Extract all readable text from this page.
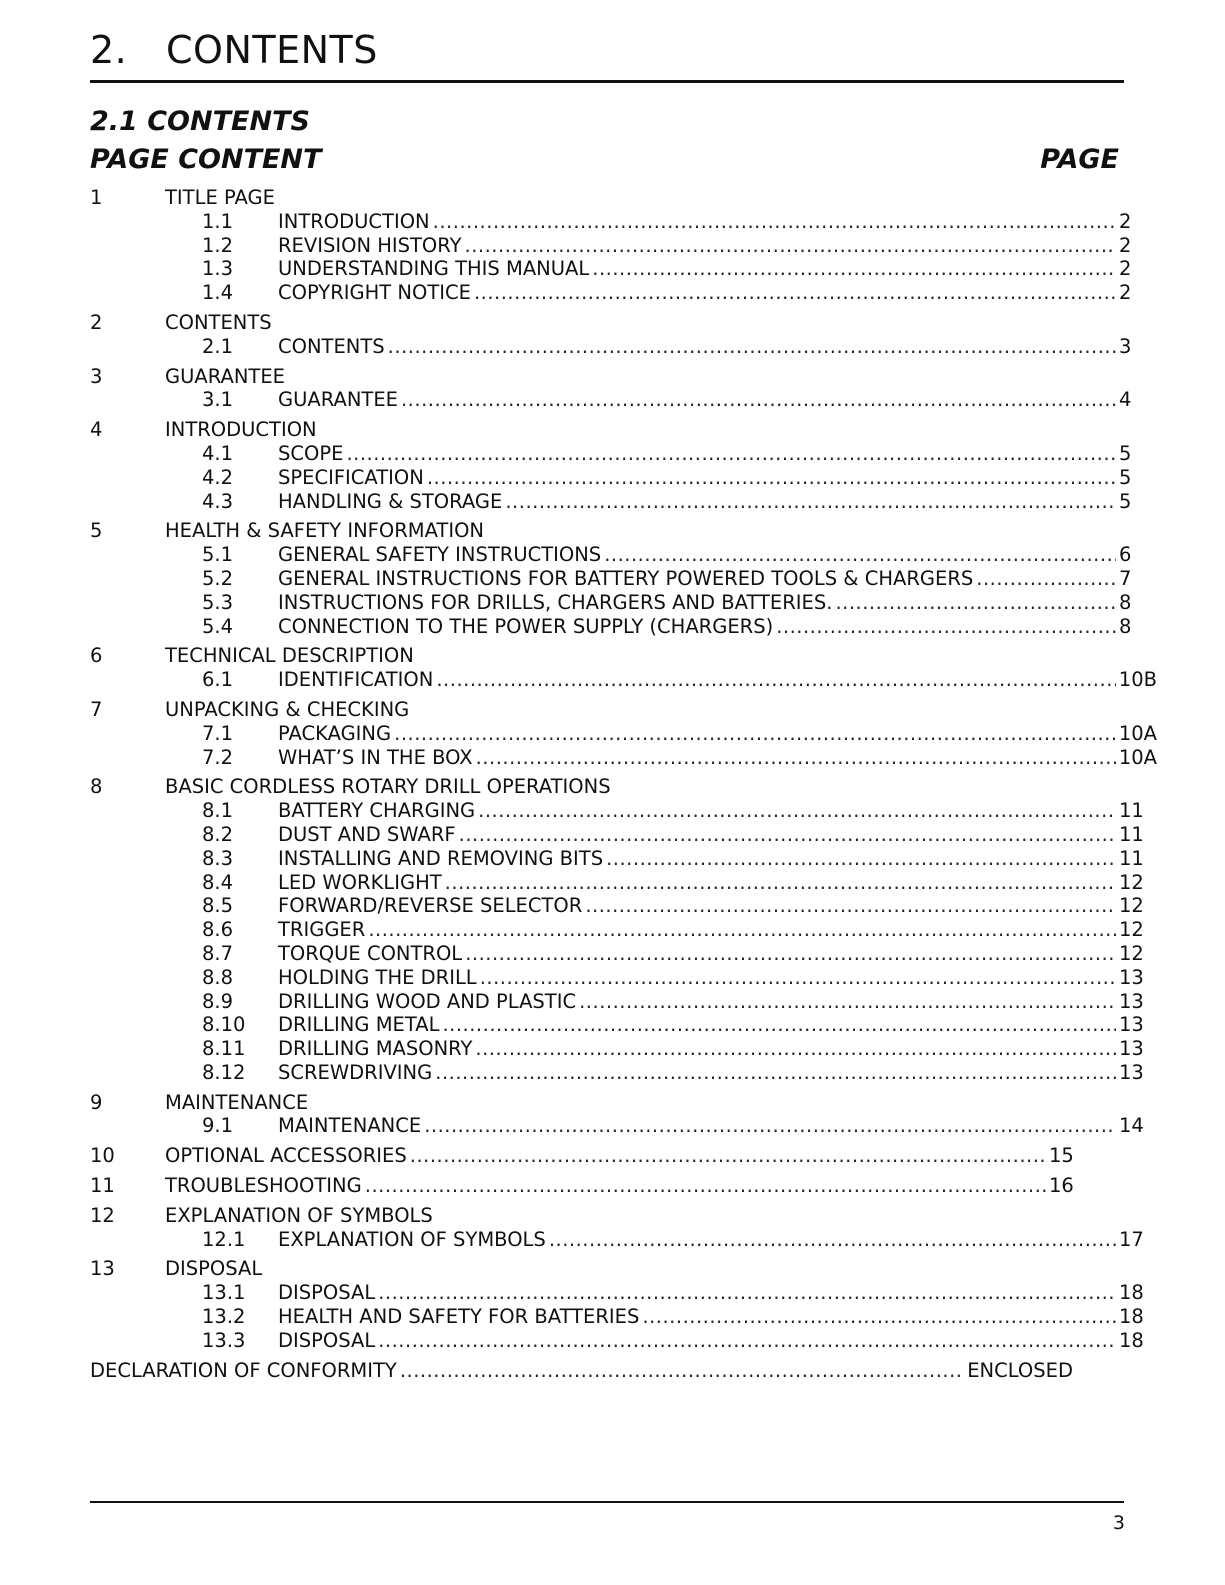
2. CONTENTS
2.1 CONTENTS
PAGE CONTENT	PAGE
1	TITLE PAGE
1.1	INTRODUCTION .....	2
1.2	REVISION HISTORY .....	2
1.3	UNDERSTANDING THIS MANUAL .....	2
1.4	COPYRIGHT NOTICE .....	2
2	CONTENTS
2.1	CONTENTS .....	3
3	GUARANTEE
3.1	GUARANTEE .....	4
4	INTRODUCTION
4.1	SCOPE .....	5
4.2	SPECIFICATION .....	5
4.3	HANDLING & STORAGE .....	5
5	HEALTH & SAFETY INFORMATION
5.1	GENERAL SAFETY INSTRUCTIONS .....	6
5.2	GENERAL INSTRUCTIONS FOR BATTERY POWERED TOOLS & CHARGERS .....	7
5.3	INSTRUCTIONS FOR DRILLS, CHARGERS AND BATTERIES. .....	8
5.4	CONNECTION TO THE POWER SUPPLY (CHARGERS) .....	8
6	TECHNICAL DESCRIPTION
6.1	IDENTIFICATION .....	10B
7	UNPACKING & CHECKING
7.1	PACKAGING .....	10A
7.2	WHAT’S IN THE BOX .....	10A
8	BASIC CORDLESS ROTARY DRILL OPERATIONS
8.1	BATTERY CHARGING .....	11
8.2	DUST AND SWARF .....	11
8.3	INSTALLING AND REMOVING BITS .....	11
8.4	LED WORKLIGHT .....	12
8.5	FORWARD/REVERSE SELECTOR .....	12
8.6	TRIGGER .....	12
8.7	TORQUE CONTROL .....	12
8.8	HOLDING THE DRILL .....	13
8.9	DRILLING WOOD AND PLASTIC .....	13
8.10	DRILLING METAL .....	13
8.11	DRILLING MASONRY .....	13
8.12	SCREWDRIVING .....	13
9	MAINTENANCE
9.1	MAINTENANCE .....	14
10	OPTIONAL ACCESSORIES .....	15
11	TROUBLESHOOTING .....	16
12	EXPLANATION OF SYMBOLS
12.1	EXPLANATION OF SYMBOLS .....	17
13	DISPOSAL
13.1	DISPOSAL .....	18
13.2	HEALTH AND SAFETY FOR BATTERIES .....	18
13.3	DISPOSAL .....	18
DECLARATION OF CONFORMITY .....	ENCLOSED
3
